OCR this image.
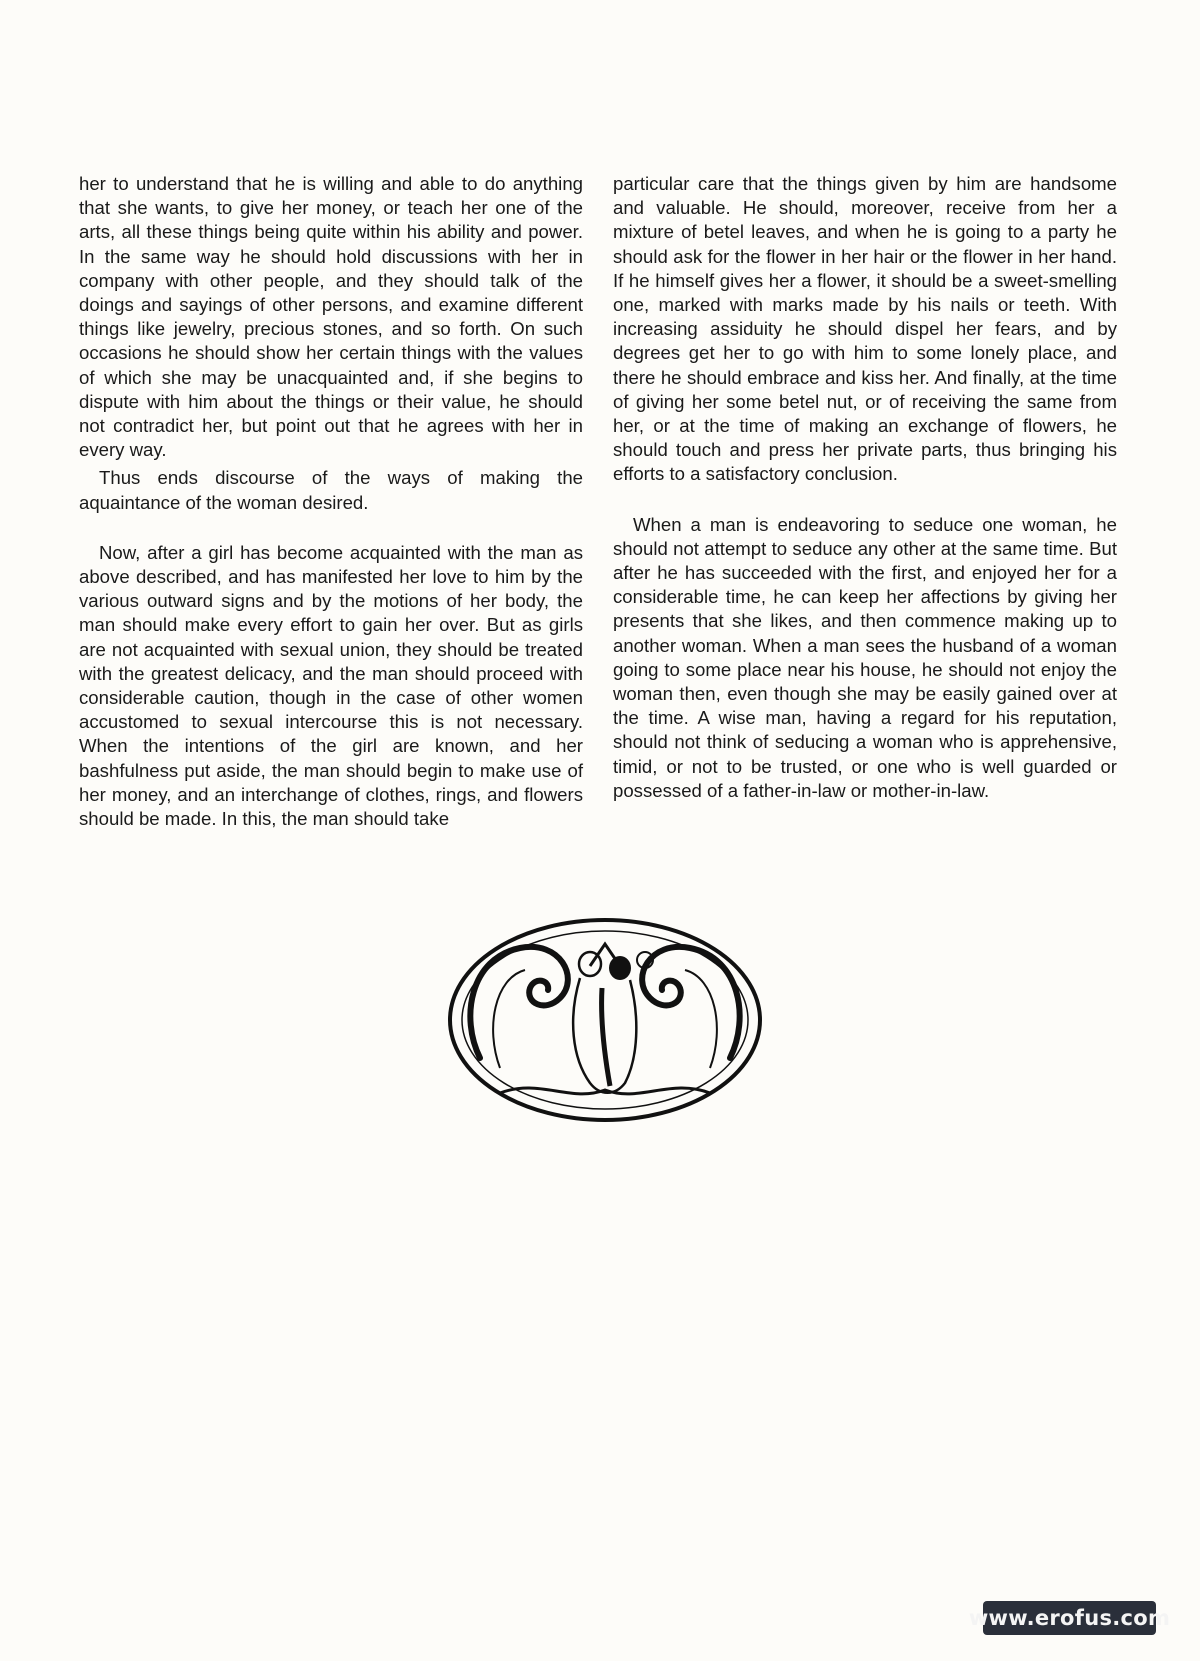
her to understand that he is willing and able to do anything that she wants, to give her money, or teach her one of the arts, all these things being quite within his ability and power. In the same way he should hold discussions with her in company with other people, and they should talk of the doings and sayings of other persons, and examine different things like jewelry, precious stones, and so forth. On such occasions he should show her certain things with the values of which she may be unacquainted and, if she begins to dispute with him about the things or their value, he should not contradict her, but point out that he agrees with her in every way.

Thus ends discourse of the ways of making the aquaintance of the woman desired.

Now, after a girl has become acquainted with the man as above described, and has manifested her love to him by the various outward signs and by the motions of her body, the man should make every effort to gain her over. But as girls are not acquainted with sexual union, they should be treated with the greatest delicacy, and the man should proceed with considerable caution, though in the case of other women accustomed to sexual intercourse this is not necessary. When the intentions of the girl are known, and her bashfulness put aside, the man should begin to make use of her money, and an interchange of clothes, rings, and flowers should be made. In this, the man should take

particular care that the things given by him are handsome and valuable. He should, moreover, receive from her a mixture of betel leaves, and when he is going to a party he should ask for the flower in her hair or the flower in her hand. If he himself gives her a flower, it should be a sweet-smelling one, marked with marks made by his nails or teeth. With increasing assiduity he should dispel her fears, and by degrees get her to go with him to some lonely place, and there he should embrace and kiss her. And finally, at the time of giving her some betel nut, or of receiving the same from her, or at the time of making an exchange of flowers, he should touch and press her private parts, thus bringing his efforts to a satisfactory conclusion.

When a man is endeavoring to seduce one woman, he should not attempt to seduce any other at the same time. But after he has succeeded with the first, and enjoyed her for a considerable time, he can keep her affections by giving her presents that she likes, and then commence making up to another woman. When a man sees the husband of a woman going to some place near his house, he should not enjoy the woman then, even though she may be easily gained over at the time. A wise man, having a regard for his reputation, should not think of seducing a woman who is apprehensive, timid, or not to be trusted, or one who is well guarded or possessed of a father-in-law or mother-in-law.

www.erofus.com
